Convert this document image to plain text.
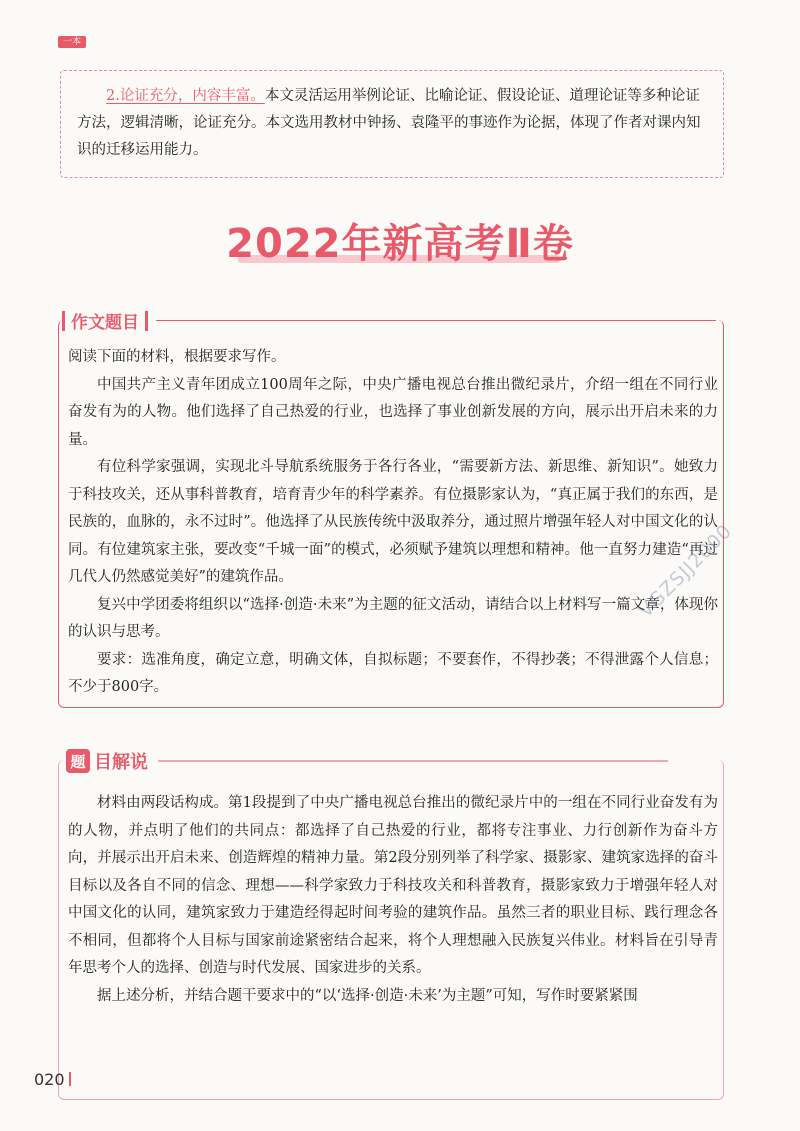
一本
2.论证充分，内容丰富。本文灵活运用举例论证、比喻论证、假设论证、道理论证等多种论证方法，逻辑清晰，论证充分。本文选用教材中钟扬、袁隆平的事迹作为论据，体现了作者对课内知识的迁移运用能力。
2022年新高考Ⅱ卷
作文题目

阅读下面的材料，根据要求写作。

中国共产主义青年团成立100周年之际，中央广播电视总台推出微纪录片，介绍一组在不同行业奋发有为的人物。他们选择了自己热爱的行业，也选择了事业创新发展的方向，展示出开启未来的力量。

有位科学家强调，实现北斗导航系统服务于各行各业，“需要新方法、新思维、新知识”。她致力于科技攻关，还从事科普教育，培育青少年的科学素养。有位摄影家认为，“真正属于我们的东西，是民族的，血脉的，永不过时”。他选择了从民族传统中汲取养分，通过照片增强年轻人对中国文化的认同。有位建筑家主张，要改变“千城一面”的模式，必须赋予建筑以理想和精神。他一直努力建造“再过几代人仍然感觉美好”的建筑作品。

复兴中学团委将组织以“选择·创造·未来”为主题的征文活动，请结合以上材料写一篇文章，体现你的认识与思考。

要求：选准角度，确定立意，明确文体，自拟标题；不要套作，不得抄袭；不得泄露个人信息；不少于800字。

题 目解说

材料由两段话构成。第1段提到了中央广播电视总台推出的微纪录片中的一组在不同行业奋发有为的人物，并点明了他们的共同点：都选择了自己热爱的行业，都将专注事业、力行创新作为奋斗方向，并展示出开启未来、创造辉煌的精神力量。第2段分别列举了科学家、摄影家、建筑家选择的奋斗目标以及各自不同的信念、理想——科学家致力于科技攻关和科普教育，摄影家致力于增强年轻人对中国文化的认同，建筑家致力于建造经得起时间考验的建筑作品。虽然三者的职业目标、践行理念各不相同，但都将个人目标与国家前途紧密结合起来，将个人理想融入民族复兴伟业。材料旨在引导青年思考个人的选择、创造与时代发展、国家进步的关系。

据上述分析，并结合题干要求中的“以‘选择·创造·未来’为主题”可知，写作时要紧紧围

VGZSJJ2000
020
